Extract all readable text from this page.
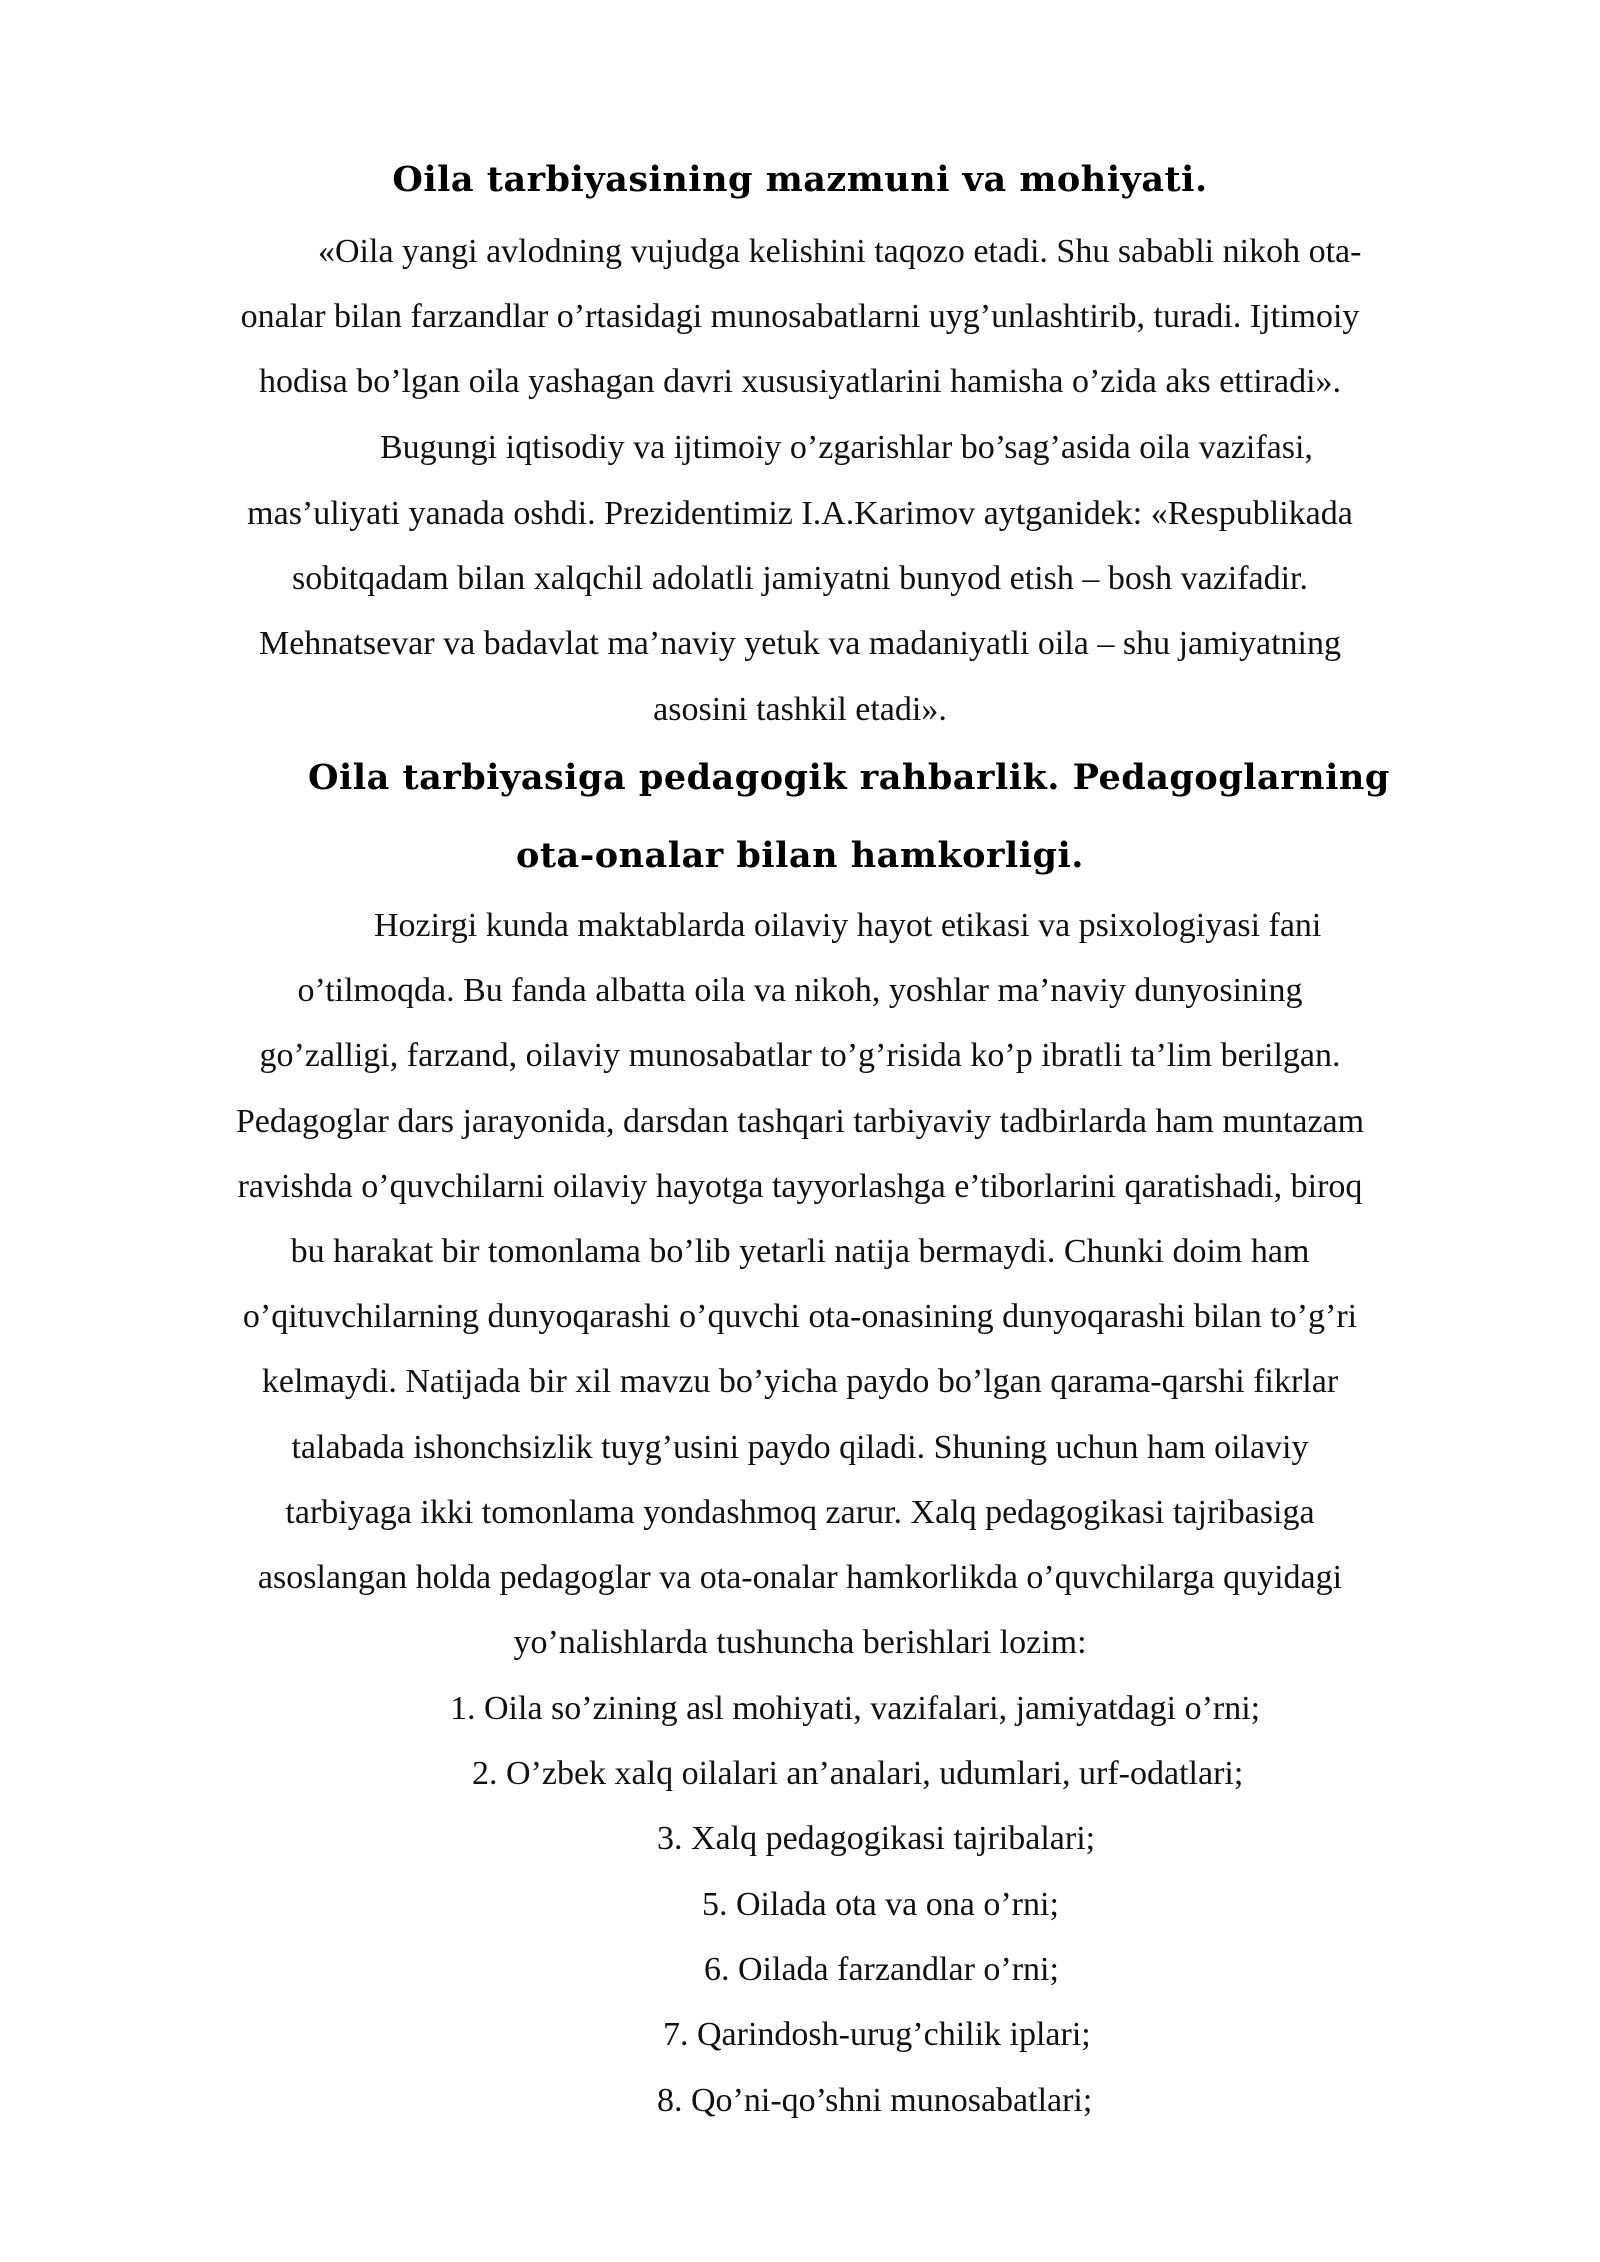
Oila tarbiyasining mazmuni va mohiyati.
«Oila yangi avlodning vujudga kelishini taqozo etadi. Shu sababli nikoh ota-
onalar bilan farzandlar o’rtasidagi munosabatlarni uyg’unlashtirib, turadi. Ijtimoiy
hodisa bo’lgan oila yashagan davri xususiyatlarini hamisha o’zida aks ettiradi».
Bugungi iqtisodiy va ijtimoiy o’zgarishlar bo’sag’asida oila vazifasi,
mas’uliyati yanada oshdi. Prezidentimiz I.A.Karimov aytganidek: «Respublikada
sobitqadam bilan xalqchil adolatli jamiyatni bunyod etish – bosh vazifadir.
Mehnatsevar va badavlat ma’naviy yetuk va madaniyatli oila – shu jamiyatning
asosini tashkil etadi».
Oila tarbiyasiga pedagogik rahbarlik. Pedagoglarning
ota-onalar bilan hamkorligi.
Hozirgi kunda maktablarda oilaviy hayot etikasi va psixologiyasi fani
o’tilmoqda. Bu fanda albatta oila va nikoh, yoshlar ma’naviy dunyosining
go’zalligi, farzand, oilaviy munosabatlar to’g’risida ko’p ibratli ta’lim berilgan.
Pedagoglar dars jarayonida, darsdan tashqari tarbiyaviy tadbirlarda ham muntazam
ravishda o’quvchilarni oilaviy hayotga tayyorlashga e’tiborlarini qaratishadi, biroq
bu harakat bir tomonlama bo’lib yetarli natija bermaydi. Chunki doim ham
o’qituvchilarning dunyoqarashi o’quvchi ota-onasining dunyoqarashi bilan to’g’ri
kelmaydi. Natijada bir xil mavzu bo’yicha paydo bo’lgan qarama-qarshi fikrlar
talabada ishonchsizlik tuyg’usini paydo qiladi. Shuning uchun ham oilaviy
tarbiyaga ikki tomonlama yondashmoq zarur. Xalq pedagogikasi tajribasiga
asoslangan holda pedagoglar va ota-onalar hamkorlikda o’quvchilarga quyidagi
yo’nalishlarda tushuncha berishlari lozim:
1. Oila so’zining asl mohiyati, vazifalari, jamiyatdagi o’rni;
2. O’zbek xalq oilalari an’analari, udumlari, urf-odatlari;
3. Xalq pedagogikasi tajribalari;
5. Oilada ota va ona o’rni;
6. Oilada farzandlar o’rni;
7. Qarindosh-urug’chilik iplari;
8. Qo’ni-qo’shni munosabatlari;
